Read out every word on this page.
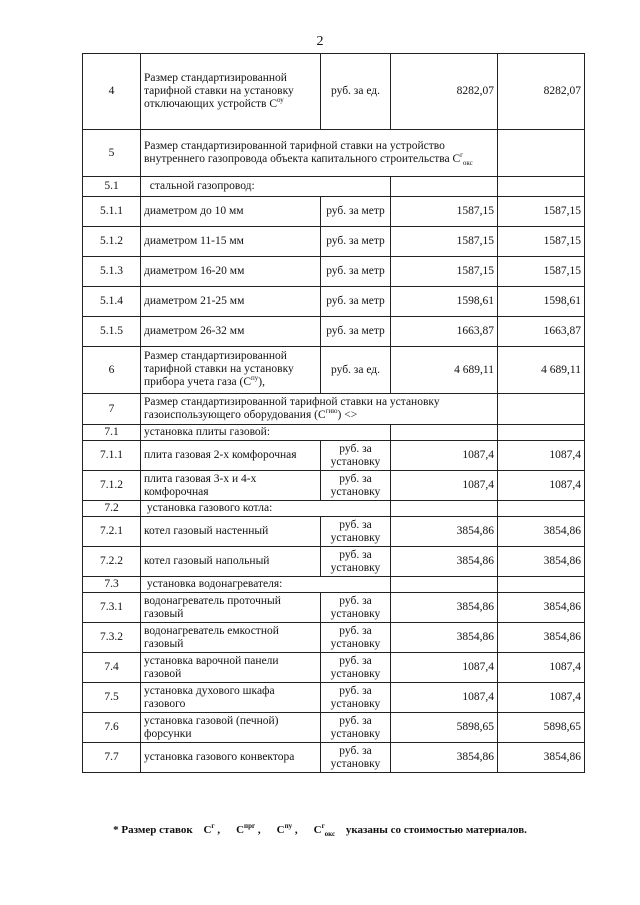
2
4	Размер стандартизированной тарифной ставки на установку отключающих устройств $С^{оу}$	руб. за ед.	8282,07	8282,07
5	Размер стандартизированной тарифной ставки на устройство внутреннего газопровода объекта капитального строительства $С^г_{окс}$	
5.1	стальной газопровод:			
5.1.1	диаметром до 10 мм	руб. за метр	1587,15	1587,15
5.1.2	диаметром 11-15 мм	руб. за метр	1587,15	1587,15
5.1.3	диаметром 16-20 мм	руб. за метр	1587,15	1587,15
5.1.4	диаметром 21-25 мм	руб. за метр	1598,61	1598,61
5.1.5	диаметром 26-32 мм	руб. за метр	1663,87	1663,87
6	Размер стандартизированной тарифной ставки на установку прибора учета газа $(С^{пу})$,	руб. за ед.	4 689,11	4 689,11
7	Размер стандартизированной тарифной ставки на установку газоиспользующего оборудования $(С^{гию})$ <>			
7.1	установка плиты газовой:			
7.1.1	плита газовая 2-х комфорочная	руб. за установку	1087,4	1087,4
7.1.2	плита газовая 3-х и 4-х комфорочная	руб. за установку	1087,4	1087,4
7.2	установка газового котла:			
7.2.1	котел газовый настенный	руб. за установку	3854,86	3854,86
7.2.2	котел газовый напольный	руб. за установку	3854,86	3854,86
7.3	установка водонагревателя:			
7.3.1	водонагреватель проточный газовый	руб. за установку	3854,86	3854,86
7.3.2	водонагреватель емкостной газовый	руб. за установку	3854,86	3854,86
7.4	установка варочной панели газовой	руб. за установку	1087,4	1087,4
7.5	установка духового шкафа газового	руб. за установку	1087,4	1087,4
7.6	установка газовой (печной) форсунки	руб. за установку	5898,65	5898,65
7.7	установка газового конвектора	руб. за установку	3854,86	3854,86
* Размер ставок $С^г$ , $С^{прг}$ , $С^{пу}$ , $С^г_{окс}$ указаны со стоимостью материалов.
